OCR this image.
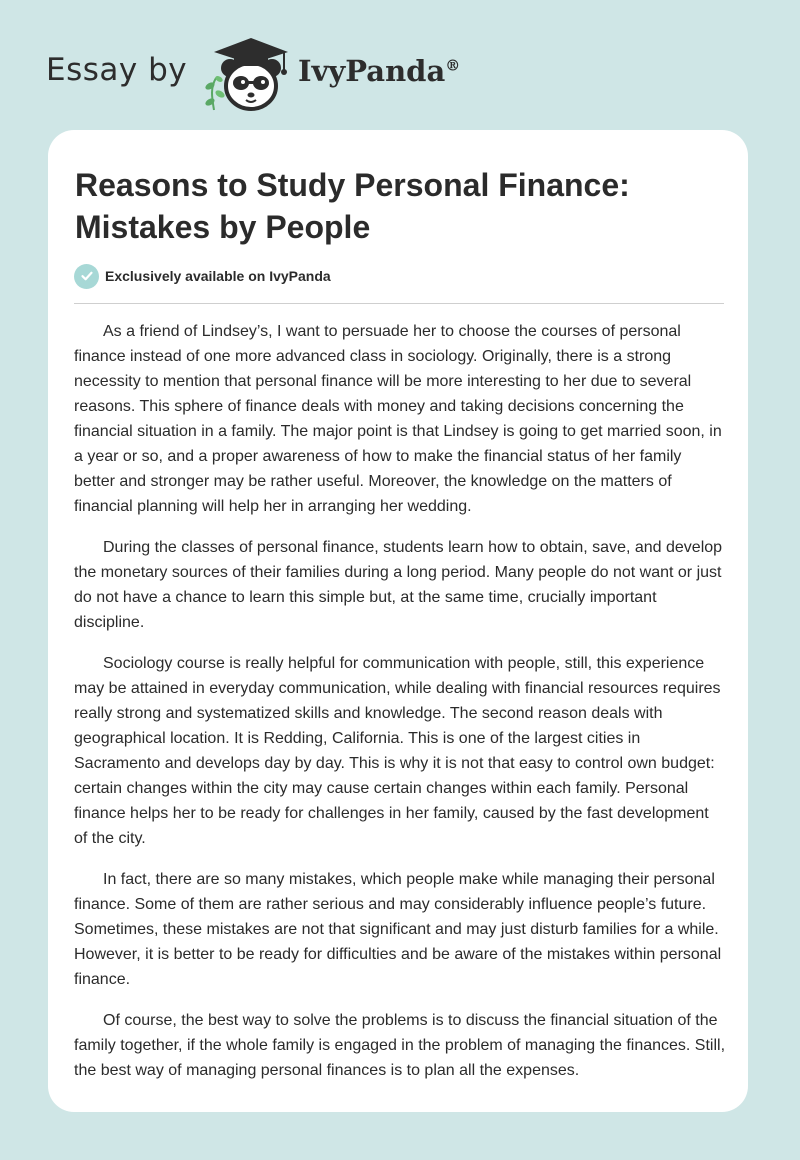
Essay by	IvyPanda®
Reasons to Study Personal Finance: Mistakes by People
Exclusively available on IvyPanda

As a friend of Lindsey’s, I want to persuade her to choose the courses of personal finance instead of one more advanced class in sociology. Originally, there is a strong necessity to mention that personal finance will be more interesting to her due to several reasons. This sphere of finance deals with money and taking decisions concerning the financial situation in a family. The major point is that Lindsey is going to get married soon, in a year or so, and a proper awareness of how to make the financial status of her family better and stronger may be rather useful. Moreover, the knowledge on the matters of financial planning will help her in arranging her wedding.

During the classes of personal finance, students learn how to obtain, save, and develop the monetary sources of their families during a long period. Many people do not want or just do not have a chance to learn this simple but, at the same time, crucially important discipline.

Sociology course is really helpful for communication with people, still, this experience may be attained in everyday communication, while dealing with financial resources requires really strong and systematized skills and knowledge. The second reason deals with geographical location. It is Redding, California. This is one of the largest cities in Sacramento and develops day by day. This is why it is not that easy to control own budget: certain changes within the city may cause certain changes within each family. Personal finance helps her to be ready for challenges in her family, caused by the fast development of the city.

In fact, there are so many mistakes, which people make while managing their personal finance. Some of them are rather serious and may considerably influence people’s future. Sometimes, these mistakes are not that significant and may just disturb families for a while. However, it is better to be ready for difficulties and be aware of the mistakes within personal finance.

Of course, the best way to solve the problems is to discuss the financial situation of the family together, if the whole family is engaged in the problem of managing the finances. Still, the best way of managing personal finances is to plan all the expenses.
